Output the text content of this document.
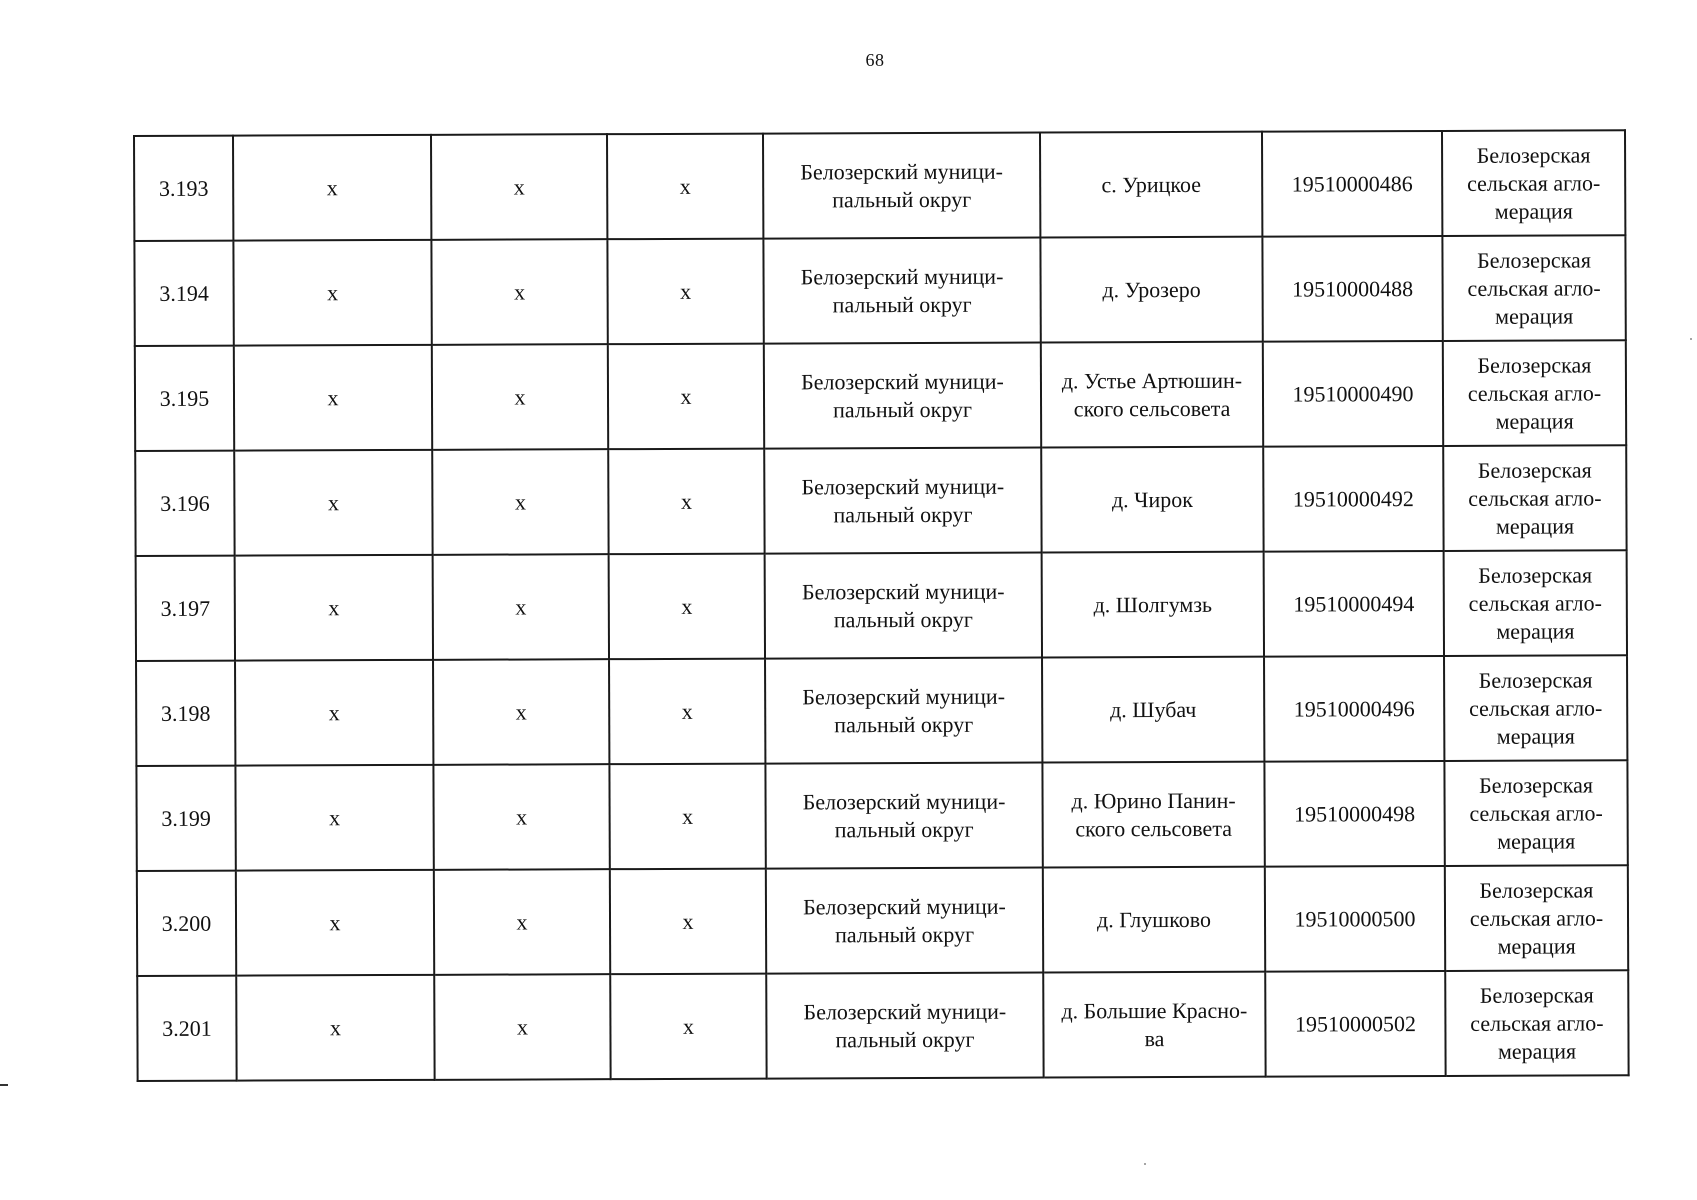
68
3.193	х	х	х	Белозерский муници-
пальный округ	с. Урицкое	19510000486	Белозерская
сельская агло-
мерация

3.194	х	х	х	Белозерский муници-
пальный округ	д. Урозеро	19510000488	Белозерская
сельская агло-
мерация

3.195	х	х	х	Белозерский муници-
пальный округ	д. Устье Артюшин-
ского сельсовета	19510000490	Белозерская
сельская агло-
мерация

3.196	х	х	х	Белозерский муници-
пальный округ	д. Чирок	19510000492	Белозерская
сельская агло-
мерация

3.197	х	х	х	Белозерский муници-
пальный округ	д. Шолгумзь	19510000494	Белозерская
сельская агло-
мерация

3.198	х	х	х	Белозерский муници-
пальный округ	д. Шубач	19510000496	Белозерская
сельская агло-
мерация

3.199	х	х	х	Белозерский муници-
пальный округ	д. Юрино Панин-
ского сельсовета	19510000498	Белозерская
сельская агло-
мерация

3.200	х	х	х	Белозерский муници-
пальный округ	д. Глушково	19510000500	Белозерская
сельская агло-
мерация

3.201	х	х	х	Белозерский муници-
пальный округ	д. Большие Красно-
ва	19510000502	Белозерская
сельская агло-
мерация
